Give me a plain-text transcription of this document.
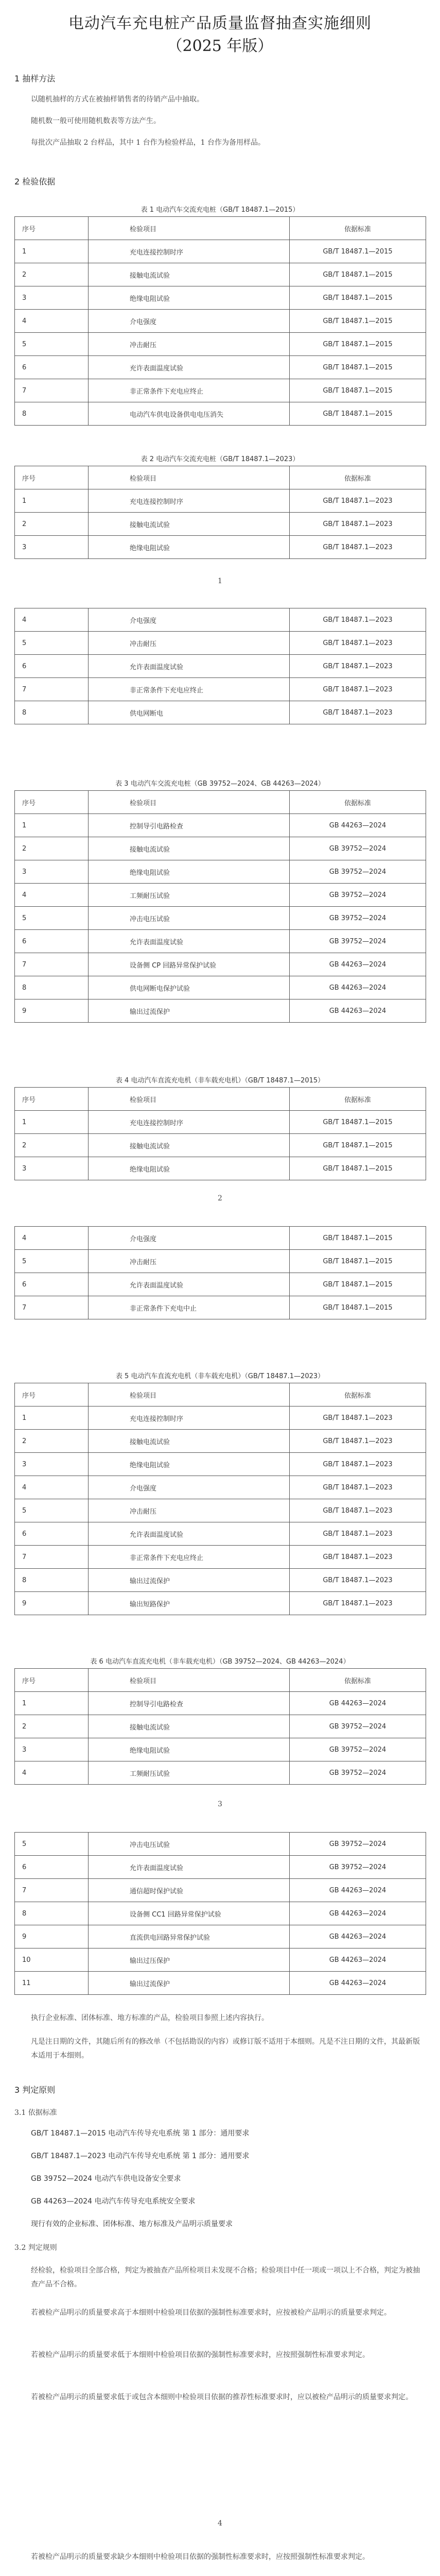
电动汽车充电桩产品质量监督抽查实施细则
（2025 年版）
1 抽样方法
以随机抽样的方式在被抽样销售者的待销产品中抽取。
随机数一般可使用随机数表等方法产生。
每批次产品抽取 2 台样品，其中 1 台作为检验样品，1 台作为备用样品。
2 检验依据
表 1 电动汽车交流充电桩（GB/T 18487.1—2015）
序号	检验项目	依据标准
1	充电连接控制时序	GB/T 18487.1—2015
2	接触电流试验	GB/T 18487.1—2015
3	绝缘电阻试验	GB/T 18487.1—2015
4	介电强度	GB/T 18487.1—2015
5	冲击耐压	GB/T 18487.1—2015
6	充许表面温度试验	GB/T 18487.1—2015
7	非正常条件下充电应终止	GB/T 18487.1—2015
8	电动汽车供电设备供电电压消失	GB/T 18487.1—2015
表 2 电动汽车交流充电桩（GB/T 18487.1—2023）
序号	检验项目	依据标准
1	充电连接控制时序	GB/T 18487.1—2023
2	接触电流试验	GB/T 18487.1—2023
3	绝缘电阻试验	GB/T 18487.1—2023
1
4	介电强度	GB/T 18487.1—2023
5	冲击耐压	GB/T 18487.1—2023
6	允许表面温度试验	GB/T 18487.1—2023
7	非正常条件下充电应终止	GB/T 18487.1—2023
8	供电网断电	GB/T 18487.1—2023
表 3 电动汽车交流充电桩（GB 39752—2024、GB 44263—2024）
序号	检验项目	依据标准
1	控制导引电路检查	GB 44263—2024
2	接触电流试验	GB 39752—2024
3	绝缘电阻试验	GB 39752—2024
4	工频耐压试验	GB 39752—2024
5	冲击电压试验	GB 39752—2024
6	允许表面温度试验	GB 39752—2024
7	设备侧 CP 回路异常保护试验	GB 44263—2024
8	供电网断电保护试验	GB 44263—2024
9	输出过流保护	GB 44263—2024
表 4 电动汽车直流充电机（非车载充电机）（GB/T 18487.1—2015）
序号	检验项目	依据标准
1	充电连接控制时序	GB/T 18487.1—2015
2	接触电流试验	GB/T 18487.1—2015
3	绝缘电阻试验	GB/T 18487.1—2015
2
4	介电强度	GB/T 18487.1—2015
5	冲击耐压	GB/T 18487.1—2015
6	允许表面温度试验	GB/T 18487.1—2015
7	非正常条件下充电中止	GB/T 18487.1—2015
表 5 电动汽车直流充电机（非车载充电机）（GB/T 18487.1—2023）
序号	检验项目	依据标准
1	充电连接控制时序	GB/T 18487.1—2023
2	接触电流试验	GB/T 18487.1—2023
3	绝缘电阻试验	GB/T 18487.1—2023
4	介电强度	GB/T 18487.1—2023
5	冲击耐压	GB/T 18487.1—2023
6	允许表面温度试验	GB/T 18487.1—2023
7	非正常条件下充电应终止	GB/T 18487.1—2023
8	输出过流保护	GB/T 18487.1—2023
9	输出短路保护	GB/T 18487.1—2023
表 6 电动汽车直流充电机（非车载充电机）（GB 39752—2024、GB 44263—2024）
序号	检验项目	依据标准
1	控制导引电路检查	GB 44263—2024
2	接触电流试验	GB 39752—2024
3	绝缘电阻试验	GB 39752—2024
4	工频耐压试验	GB 39752—2024
3
5	冲击电压试验	GB 39752—2024
6	允许表面温度试验	GB 39752—2024
7	通信超时保护试验	GB 44263—2024
8	设备侧 CC1 回路异常保护试验	GB 44263—2024
9	直流供电回路异常保护试验	GB 44263—2024
10	输出过压保护	GB 44263—2024
11	输出过流保护	GB 44263—2024
执行企业标准、团体标准、地方标准的产品，检验项目参照上述内容执行。
凡是注日期的文件，其随后所有的修改单（不包括勘误的内容）或修订版不适用于本细则。凡是不注日期的文件，其最新版本适用于本细则。
3 判定原则
3.1 依据标准
GB/T 18487.1—2015 电动汽车传导充电系统 第 1 部分：通用要求
GB/T 18487.1—2023 电动汽车传导充电系统 第 1 部分：通用要求
GB 39752—2024 电动汽车供电设备安全要求
GB 44263—2024 电动汽车传导充电系统安全要求
现行有效的企业标准、团体标准、地方标准及产品明示质量要求
3.2 判定规则
经检验，检验项目全部合格，判定为被抽查产品所检项目未发现不合格；检验项目中任一项或一项以上不合格，判定为被抽查产品不合格。
若被检产品明示的质量要求高于本细则中检验项目依据的强制性标准要求时，应按被检产品明示的质量要求判定。
若被检产品明示的质量要求低于本细则中检验项目依据的强制性标准要求时，应按照强制性标准要求判定。
若被检产品明示的质量要求低于或包含本细则中检验项目依据的推荐性标准要求时，应以被检产品明示的质量要求判定。
4
若被检产品明示的质量要求缺少本细则中检验项目依据的强制性标准要求时，应按照强制性标准要求判定。
